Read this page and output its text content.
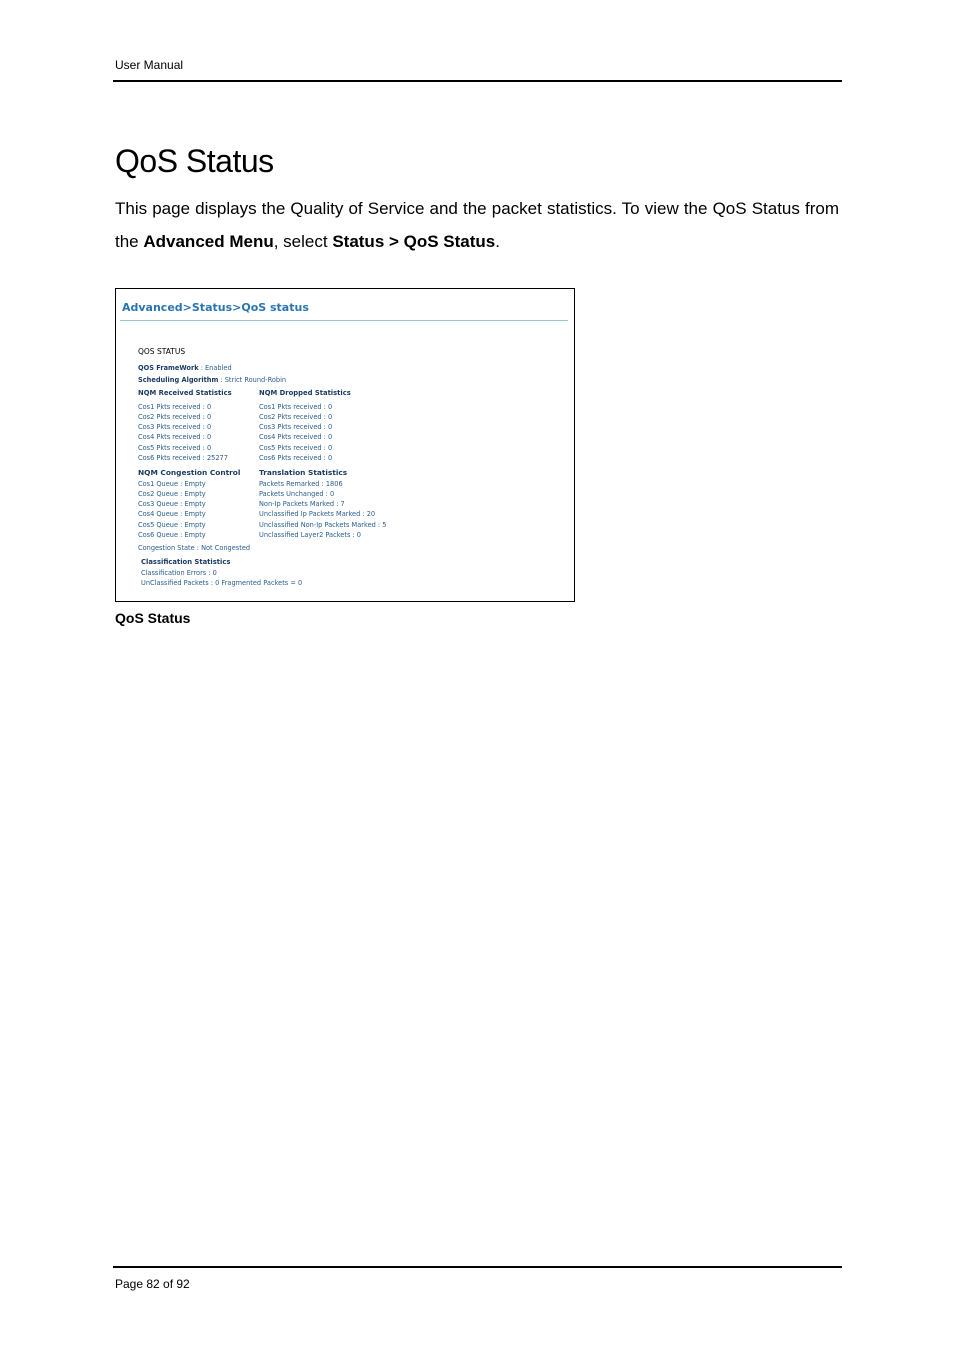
User Manual
QoS Status

This page displays the Quality of Service and the packet statistics. To view the QoS Status from the Advanced Menu, select Status > QoS Status.

Advanced>Status>QoS status
QOS STATUS
QOS FrameWork : Enabled
Scheduling Algorithm : Strict Round-Robin
NQM Received Statistics	NQM Dropped Statistics
Cos1 Pkts received : 0
Cos2 Pkts received : 0
Cos3 Pkts received : 0
Cos4 Pkts received : 0
Cos5 Pkts received : 0
Cos6 Pkts received : 25277
Cos1 Pkts received : 0
Cos2 Pkts received : 0
Cos3 Pkts received : 0
Cos4 Pkts received : 0
Cos5 Pkts received : 0
Cos6 Pkts received : 0
NQM Congestion Control	Translation Statistics
Cos1 Queue : Empty
Cos2 Queue : Empty
Cos3 Queue : Empty
Cos4 Queue : Empty
Cos5 Queue : Empty
Cos6 Queue : Empty
Packets Remarked : 1806
Packets Unchanged : 0
Non-Ip Packets Marked : 7
Unclassified Ip Packets Marked : 20
Unclassified Non-Ip Packets Marked : 5
Unclassified Layer2 Packets : 0
Congestion State : Not Congested
Classification Statistics
Classification Errors : 0
UnClassified Packets : 0 Fragmented Packets = 0
QoS Status
Page 82 of 92
